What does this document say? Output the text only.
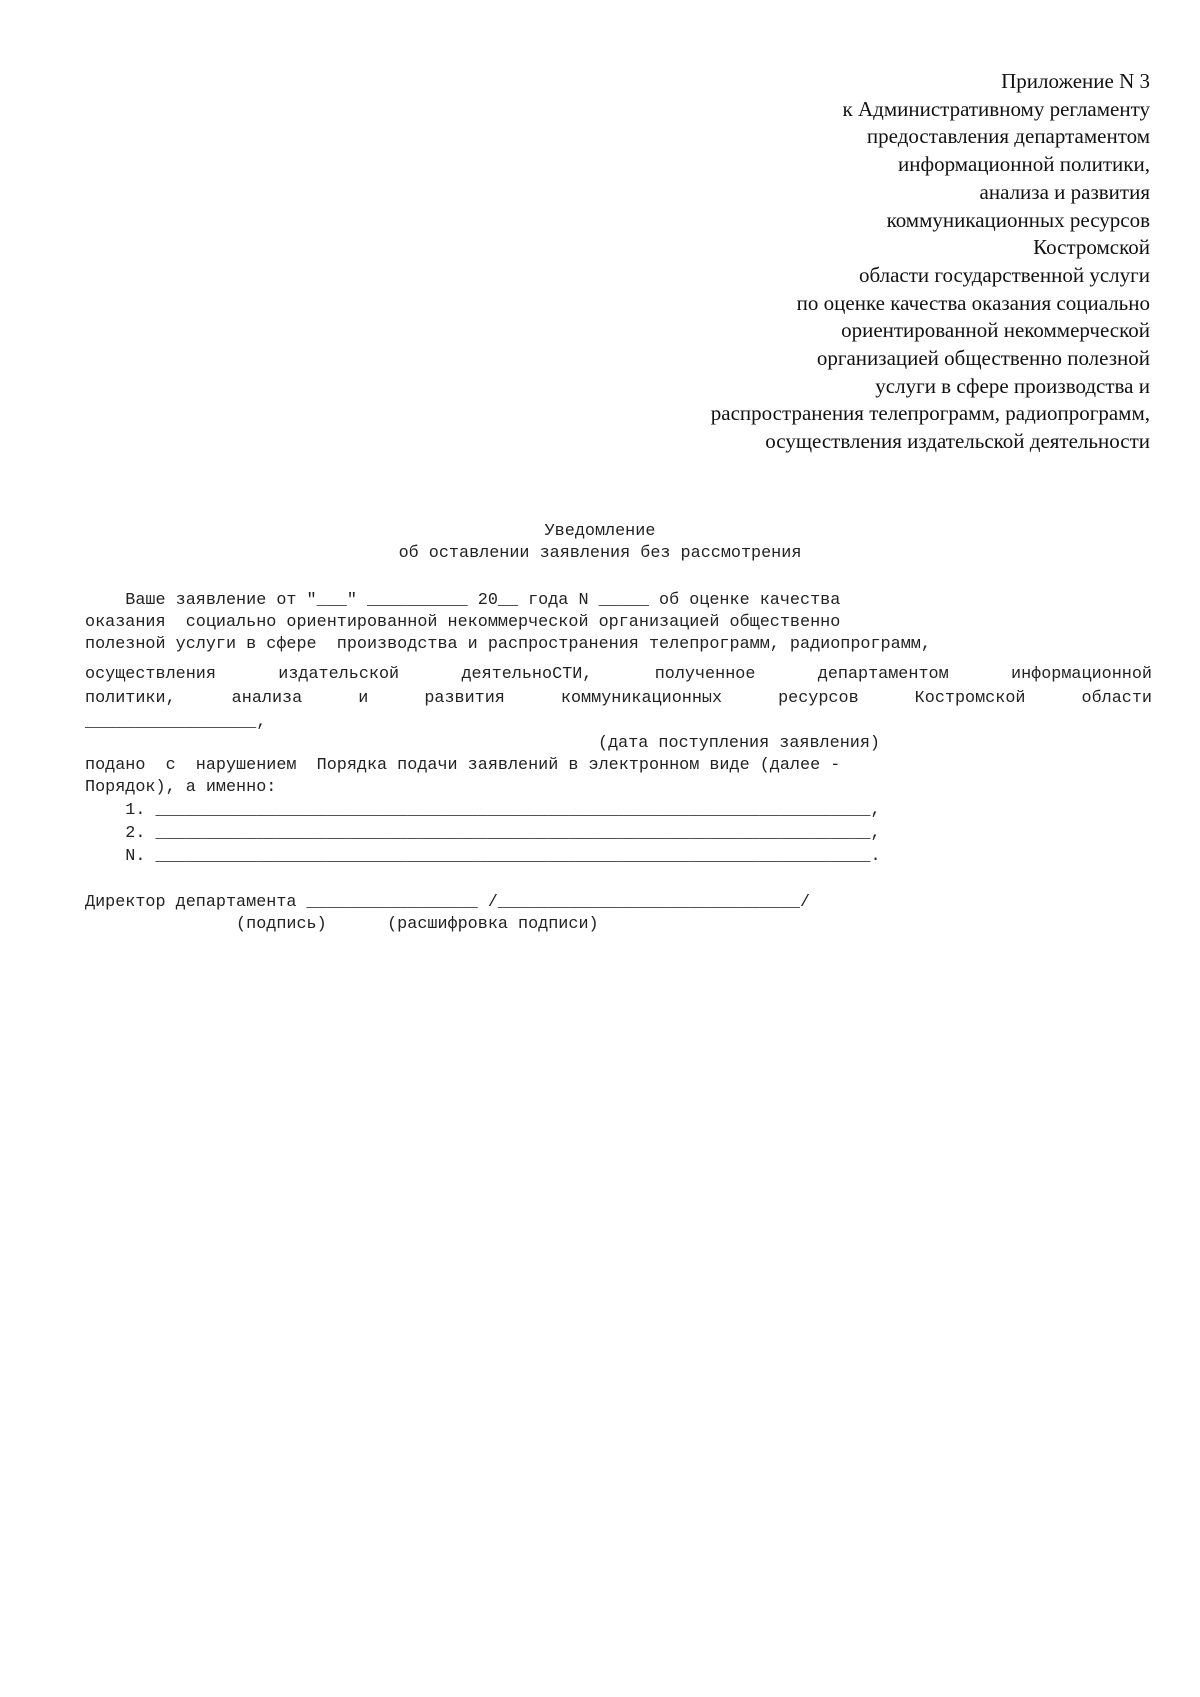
Приложение N 3
к Административному регламенту
предоставления департаментом
информационной политики,
анализа и развития
коммуникационных ресурсов
Костромской
области государственной услуги
по оценке качества оказания социально
ориентированной некоммерческой
организацией общественно полезной
услуги в сфере производства и
распространения телепрограмм, радиопрограмм,
осуществления издательской деятельности
Уведомление
об оставлении заявления без рассмотрения
Ваше заявление от "___" __________ 20__ года N _____ об оценке качества
оказания  социально ориентированной некоммерческой организацией общественно
полезной услуги в сфере  производства и распространения телепрограмм, радиопрограмм,
осуществления издательской деятельноСТИ, полученное департаментом информационной
политики, анализа и развития коммуникационных ресурсов Костромской области
_________________,
(дата поступления заявления)
подано  с  нарушением  Порядка подачи заявлений в электронном виде (далее -
Порядок), а именно:
1. _______________________________________________________________________,
2. _______________________________________________________________________,
N. _______________________________________________________________________.
Директор департамента _________________ /______________________________/
(подпись)      (расшифровка подписи)
